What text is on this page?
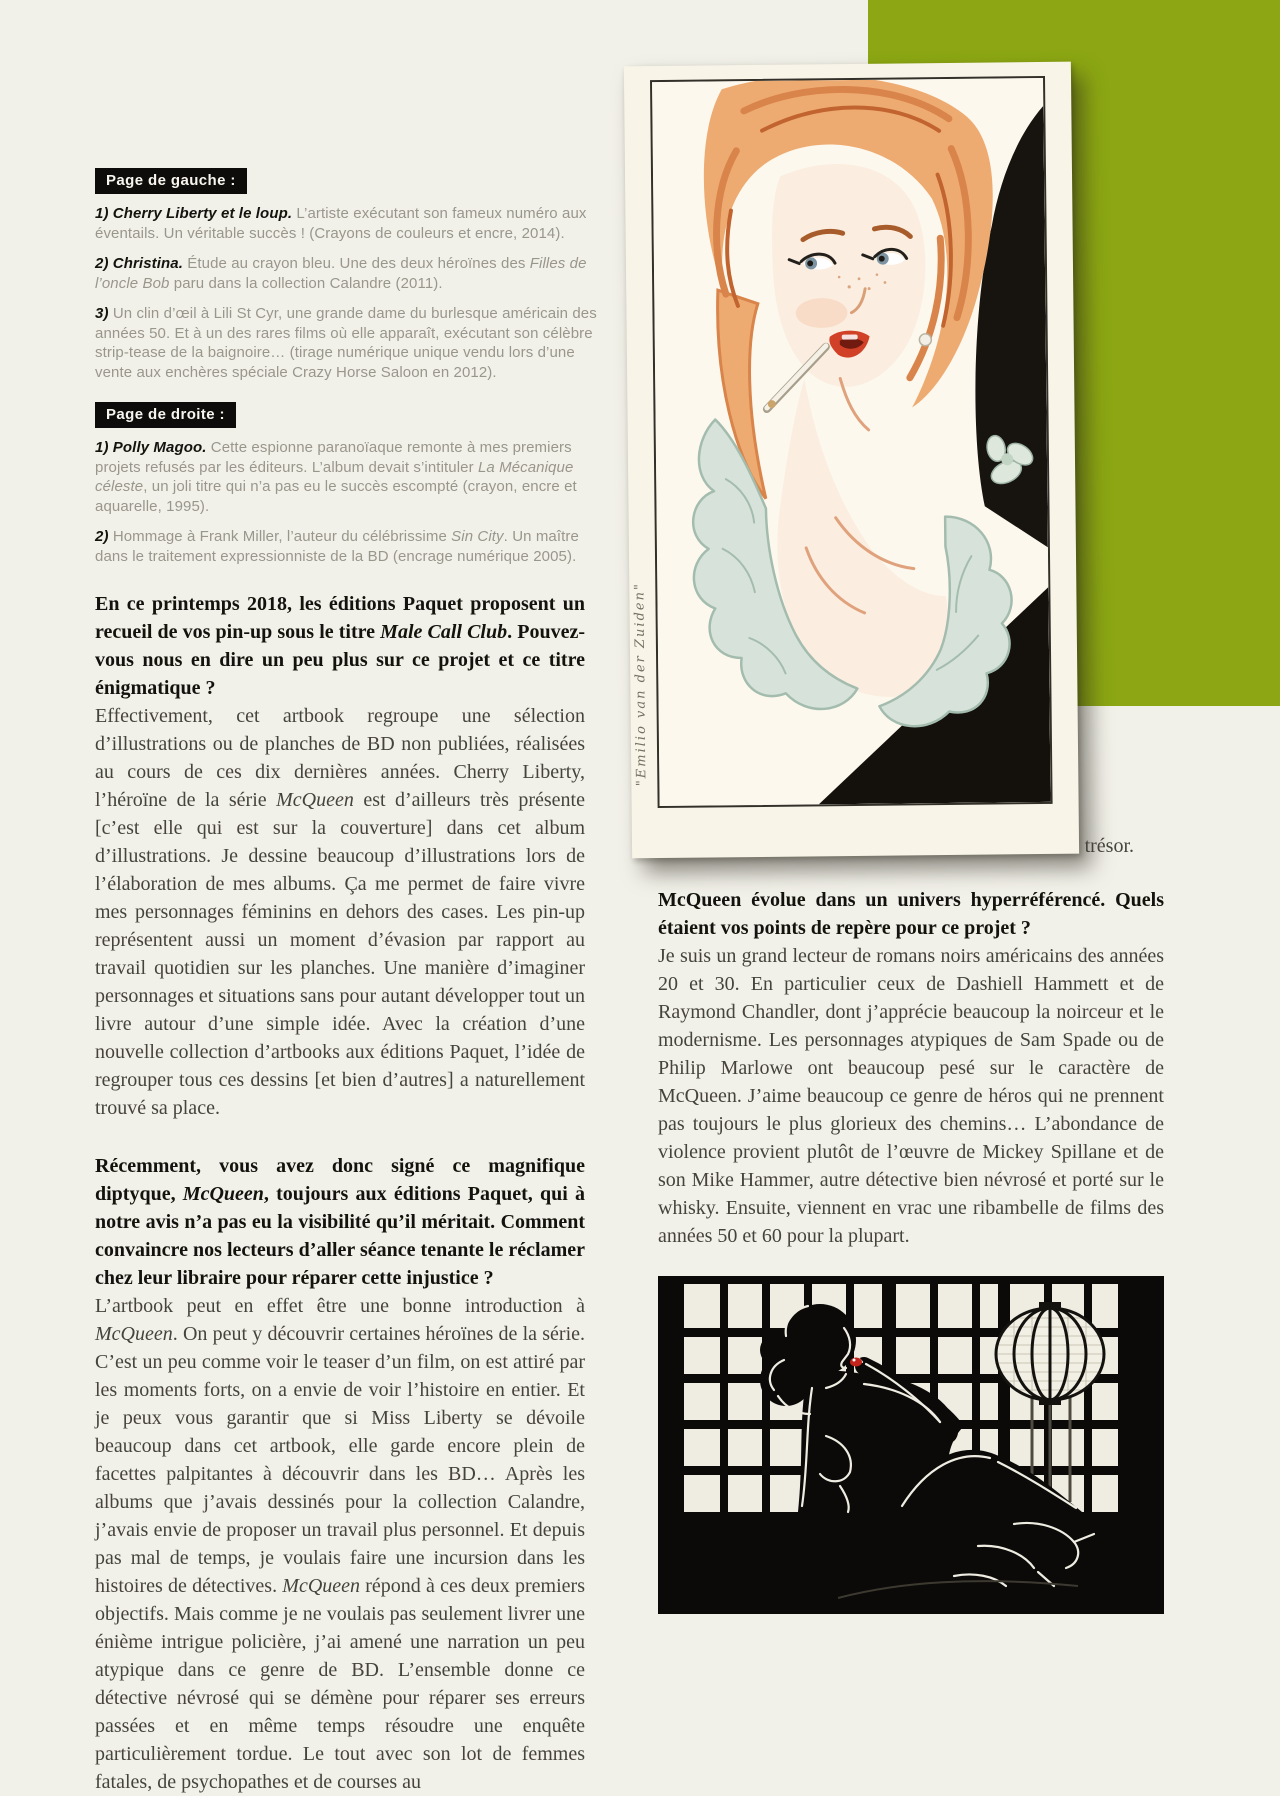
Page de gauche :

1) Cherry Liberty et le loup. L’artiste exécutant son fameux numéro aux éventails. Un véritable succès ! (Crayons de couleurs et encre, 2014).

2) Christina. Étude au crayon bleu. Une des deux héroïnes des Filles de l’oncle Bob paru dans la collection Calandre (2011).

3) Un clin d’œil à Lili St Cyr, une grande dame du burlesque américain des années 50. Et à un des rares films où elle apparaît, exécutant son célèbre strip-tease de la baignoire… (tirage numérique unique vendu lors d’une vente aux enchères spéciale Crazy Horse Saloon en 2012).

Page de droite :

1) Polly Magoo. Cette espionne paranoïaque remonte à mes premiers projets refusés par les éditeurs. L’album devait s’intituler La Mécanique céleste, un joli titre qui n’a pas eu le succès escompté (crayon, encre et aquarelle, 1995).

2) Hommage à Frank Miller, l’auteur du célébrissime Sin City. Un maître dans le traitement expressionniste de la BD (encrage numérique 2005).

"Emilio van der Zuiden"

En ce printemps 2018, les éditions Paquet proposent un recueil de vos pin-up sous le titre Male Call Club. Pouvez-vous nous en dire un peu plus sur ce projet et ce titre énigmatique ?

Effectivement, cet artbook regroupe une sélection d’illustrations ou de planches de BD non publiées, réalisées au cours de ces dix dernières années. Cherry Liberty, l’héroïne de la série McQueen est d’ailleurs très présente [c’est elle qui est sur la couverture] dans cet album d’illustrations. Je dessine beaucoup d’illustrations lors de l’élaboration de mes albums. Ça me permet de faire vivre mes personnages féminins en dehors des cases. Les pin-up représentent aussi un moment d’évasion par rapport au travail quotidien sur les planches. Une manière d’imaginer personnages et situations sans pour autant développer tout un livre autour d’une simple idée. Avec la création d’une nouvelle collection d’artbooks aux éditions Paquet, l’idée de regrouper tous ces dessins [et bien d’autres] a naturellement trouvé sa place.

Récemment, vous avez donc signé ce magnifique diptyque, McQueen, toujours aux éditions Paquet, qui à notre avis n’a pas eu la visibilité qu’il méritait. Comment convaincre nos lecteurs d’aller séance tenante le réclamer chez leur libraire pour réparer cette injustice ?

L’artbook peut en effet être une bonne introduction à McQueen. On peut y découvrir certaines héroïnes de la série. C’est un peu comme voir le teaser d’un film, on est attiré par les moments forts, on a envie de voir l’histoire en entier. Et je peux vous garantir que si Miss Liberty se dévoile beaucoup dans cet artbook, elle garde encore plein de facettes palpitantes à découvrir dans les BD… Après les albums que j’avais dessinés pour la collection Calandre, j’avais envie de proposer un travail plus personnel. Et depuis pas mal de temps, je voulais faire une incursion dans les histoires de détectives. McQueen répond à ces deux premiers objectifs. Mais comme je ne voulais pas seulement livrer une énième intrigue policière, j’ai amené une narration un peu atypique dans ce genre de BD. L’ensemble donne ce détective névrosé qui se démène pour réparer ses erreurs passées et en même temps résoudre une enquête particulièrement tordue. Le tout avec son lot de femmes fatales, de psychopathes et de courses au

trésor.

McQueen évolue dans un univers hyperréférencé. Quels étaient vos points de repère pour ce projet ?

Je suis un grand lecteur de romans noirs américains des années 20 et 30. En particulier ceux de Dashiell Hammett et de Raymond Chandler, dont j’apprécie beaucoup la noirceur et le modernisme. Les personnages atypiques de Sam Spade ou de Philip Marlowe ont beaucoup pesé sur le caractère de McQueen. J’aime beaucoup ce genre de héros qui ne prennent pas toujours le plus glorieux des chemins… L’abondance de violence provient plutôt de l’œuvre de Mickey Spillane et de son Mike Hammer, autre détective bien névrosé et porté sur le whisky. Ensuite, viennent en vrac une ribambelle de films des années 50 et 60 pour la plupart.
